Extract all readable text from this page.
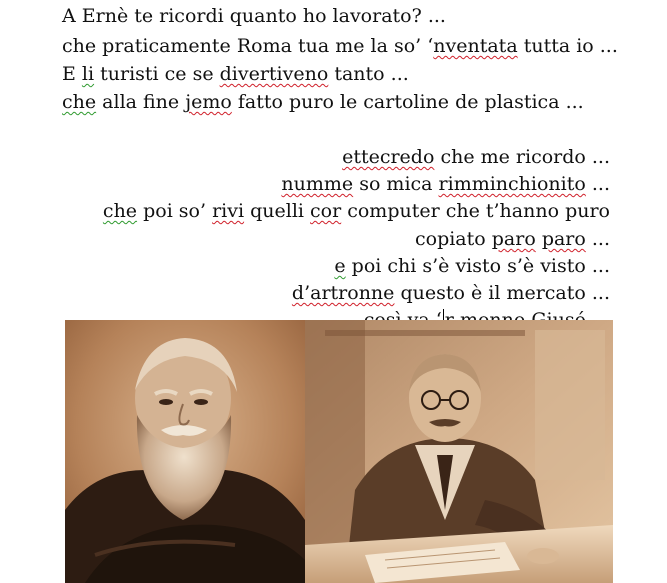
A Ernè te ricordi quanto ho lavorato? ...
che praticamente Roma tua me la so’ ‘nventata tutta io ...
E li turisti ce se divertiveno tanto ...
che alla fine jemo fatto puro le cartoline de plastica ...
ettecredo che me ricordo ...
numme so mica rimminchionito ...
che poi so’ rivi quelli cor computer che t’hanno puro
copiato paro paro ...
e poi chi s’è visto s’è visto ...
d’artronne questo è il mercato ...
